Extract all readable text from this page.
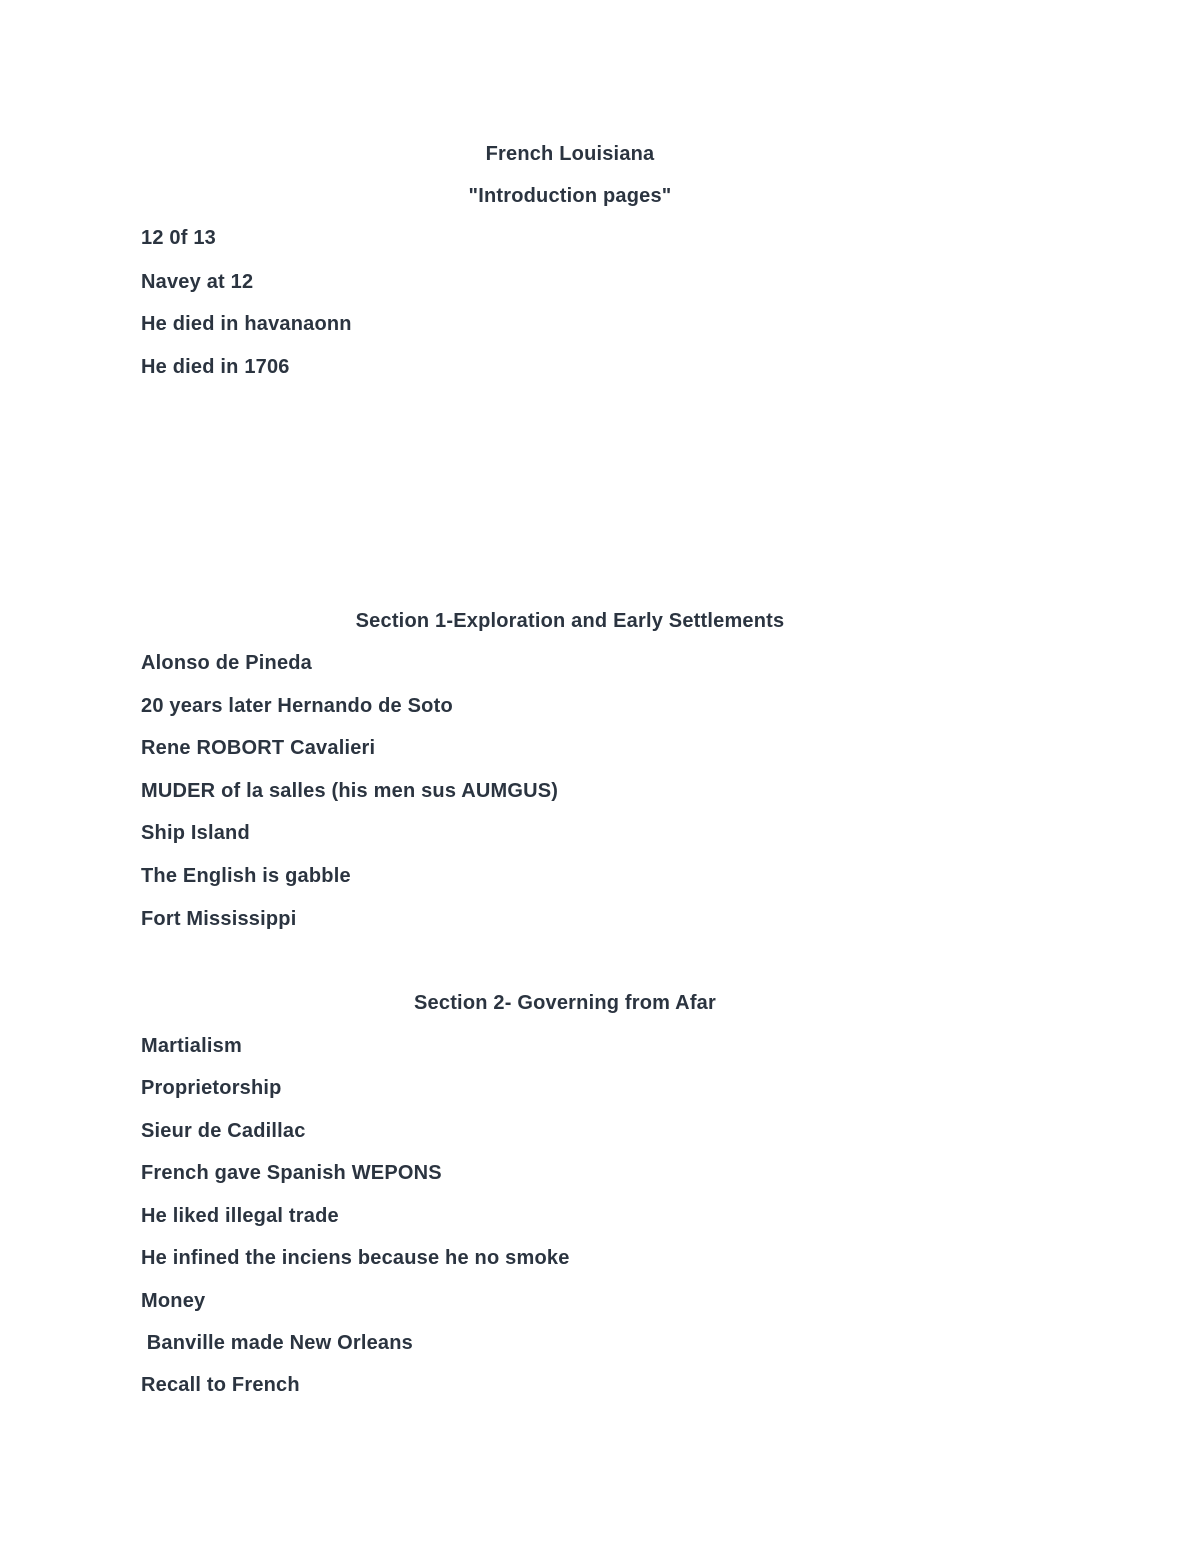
French Louisiana
"Introduction pages"
12 0f 13
Navey at 12
He died in havanaonn
He died in 1706
Section 1-Exploration and Early Settlements
Alonso de Pineda
20 years later Hernando de Soto
Rene ROBORT Cavalieri
MUDER of la salles (his men sus AUMGUS)
Ship Island
The English is gabble
Fort Mississippi
Section 2- Governing from Afar
Martialism
Proprietorship
Sieur de Cadillac
French gave Spanish WEPONS
He liked illegal trade
He infined the inciens because he no smoke
Money
Banville made New Orleans
Recall to French
